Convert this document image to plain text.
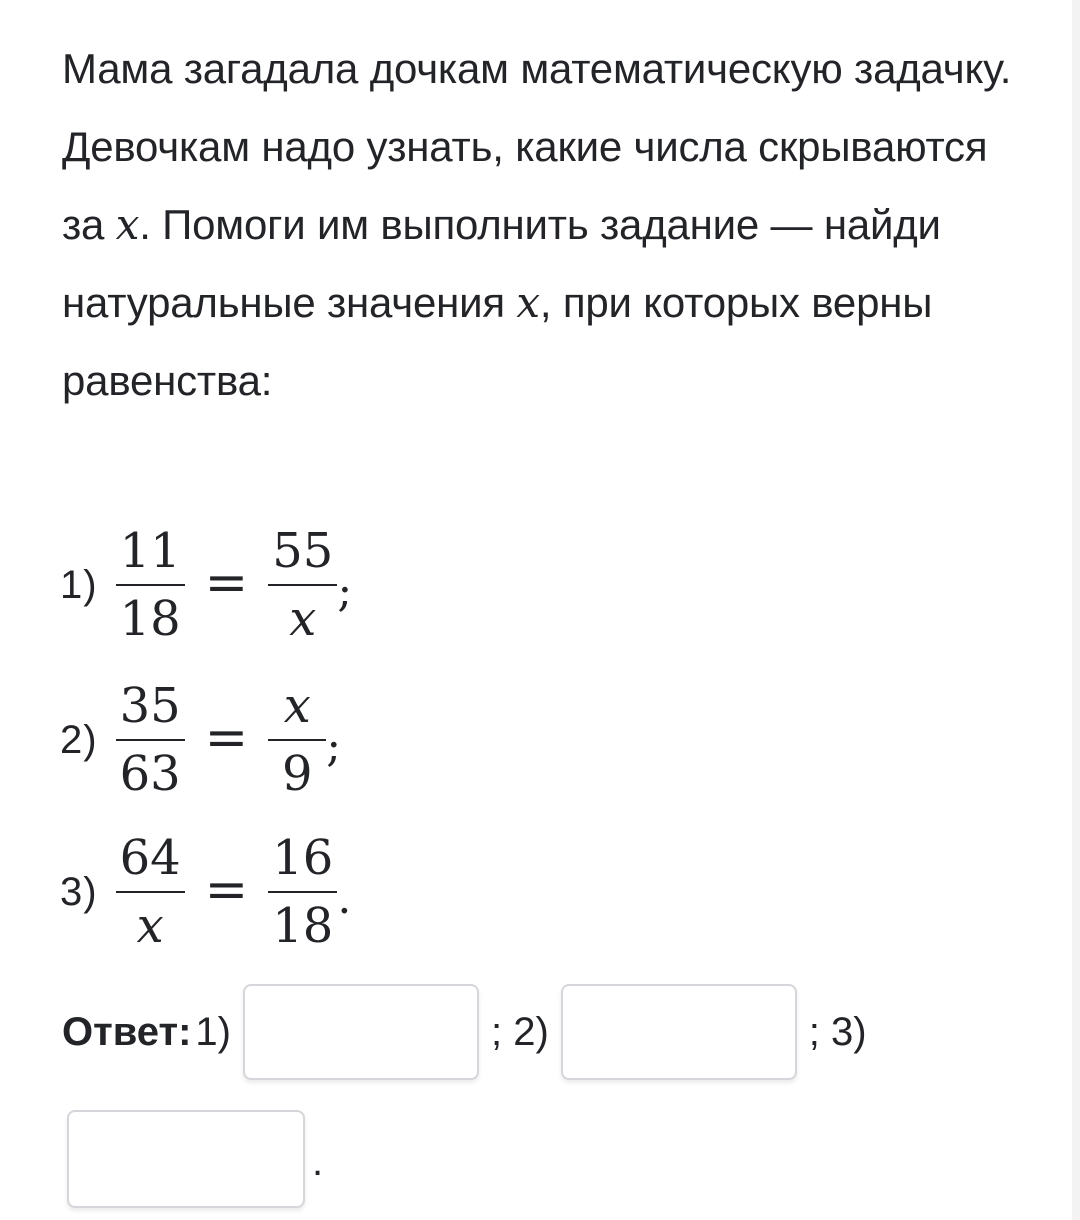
Мама загадала дочкам математическую задачку. Девочкам надо узнать, какие числа скрываются за x. Помоги им выполнить задание — найди натуральные значения x, при которых верны равенства:
$1) \frac{11}{18} = \frac{55}{x}$ ;
$2) \frac{35}{63} = \frac{x}{9}$ ;
$3) \frac{64}{x} = \frac{16}{18}$ .
Ответ: 1)	; 2)	; 3)
.
